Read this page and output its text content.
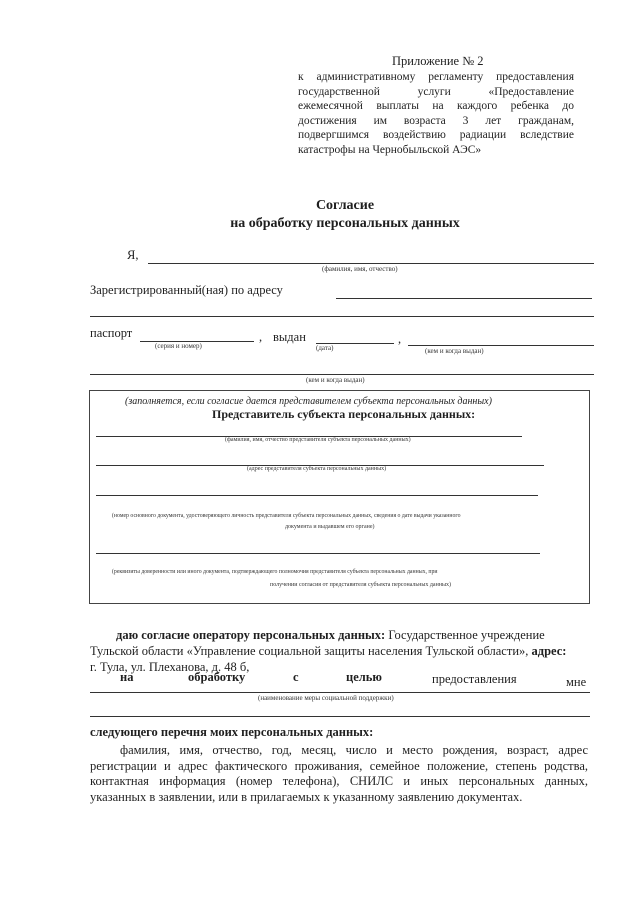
Приложение № 2
к административному регламенту предоставления
государственной услуги «Предоставление
ежемесячной выплаты на каждого ребенка до
достижения им возраста 3 лет гражданам,
подвергшимся воздействию радиации вследствие
катастрофы на Чернобыльской АЭС»
Согласие
на обработку персональных данных
Я,
(фамилия, имя, отчество)
Зарегистрированный(ная) по адресу
паспорт
(серия и номер)
, выдан
(дата)
,
(кем и когда выдан)
(кем и когда выдан)
(заполняется, если согласие дается представителем субъекта персональных данных)
Представитель субъекта персональных данных:
(фамилия, имя, отчество представителя субъекта персональных данных)
(адрес представителя субъекта персональных данных)
(номер основного документа, удостоверяющего личность представителя субъекта персональных данных, сведения о дате выдачи указанного
документа и выдавшем его органе)
(реквизиты доверенности или иного документа, подтверждающего полномочия представителя субъекта персональных данных, при
получении согласия от представителя субъекта персональных данных)
даю согласие оператору персональных данных: Государственное учреждение
Тульской области «Управление социальной защиты населения Тульской области», адрес:
г. Тула, ул. Плеханова, д. 48 б,
на	обработку	с	целью	предоставления	мне
(наименование меры социальной поддержки)
следующего перечня моих персональных данных:
фамилия, имя, отчество, год, месяц, число и место рождения, возраст, адрес
регистрации и адрес фактического проживания, семейное положение, степень родства,
контактная информация (номер телефона), СНИЛС и иных персональных данных,
указанных в заявлении, или в прилагаемых к указанному заявлению документах.
